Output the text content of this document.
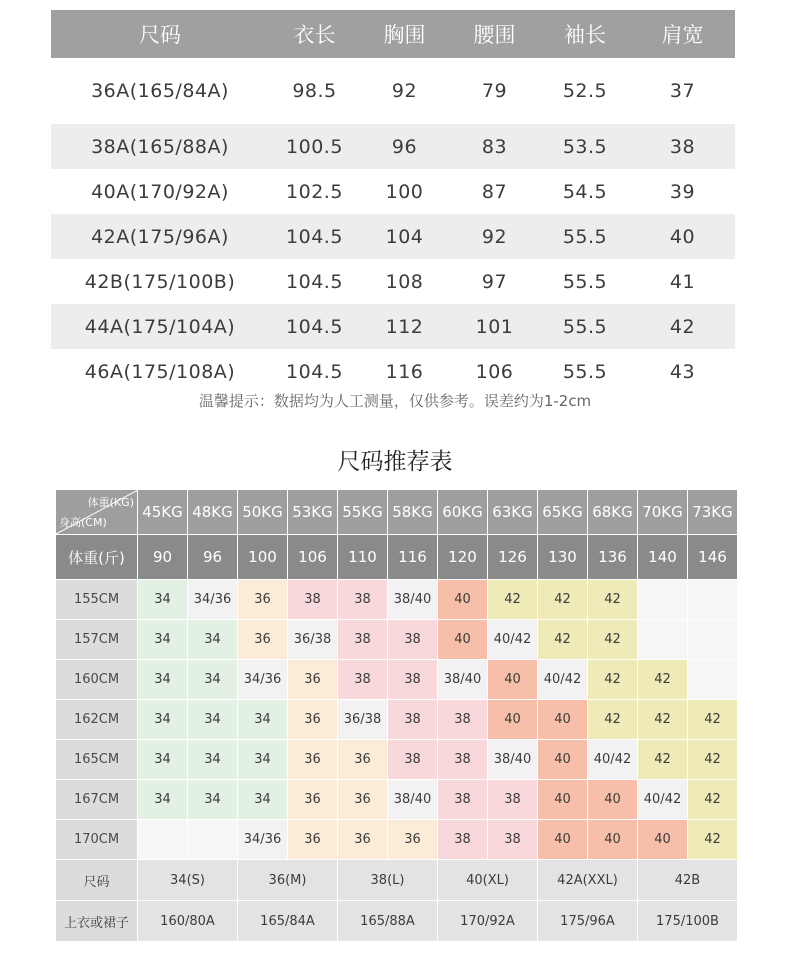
尺码	衣长	胸围	腰围	袖长	肩宽
36A(165/84A)	98.5	92	79	52.5	37
38A(165/88A)	100.5	96	83	53.5	38
40A(170/92A)	102.5	100	87	54.5	39
42A(175/96A)	104.5	104	92	55.5	40
42B(175/100B)	104.5	108	97	55.5	41
44A(175/104A)	104.5	112	101	55.5	42
46A(175/108A)	104.5	116	106	55.5	43
温馨提示：数据均为人工测量，仅供参考。误差约为1-2cm
尺码推荐表
体重(KG)
身高(CM)	45KG	48KG	50KG	53KG	55KG	58KG	60KG	63KG	65KG	68KG	70KG	73KG
体重(斤)	90	96	100	106	110	116	120	126	130	136	140	146
155CM	34	34/36	36	38	38	38/40	40	42	42	42		
157CM	34	34	36	36/38	38	38	40	40/42	42	42		
160CM	34	34	34/36	36	38	38	38/40	40	40/42	42	42	
162CM	34	34	34	36	36/38	38	38	40	40	42	42	42
165CM	34	34	34	36	36	38	38	38/40	40	40/42	42	42
167CM	34	34	34	36	36	38/40	38	38	40	40	40/42	42
170CM			34/36	36	36	36	38	38	40	40	40	42
尺码	34(S)		36(M)		38(L)		40(XL)		42A(XXL)		42B	
上衣或裙子	160/80A		165/84A		165/88A		170/92A		175/96A		175/100B	
